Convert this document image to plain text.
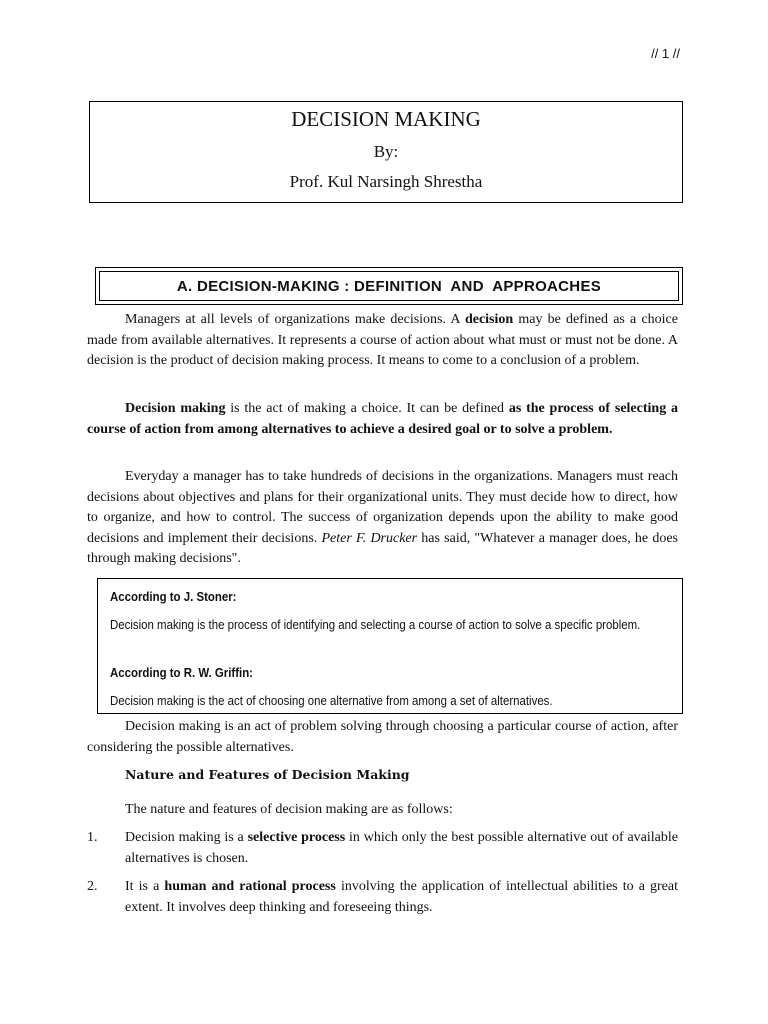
// 1 //
DECISION MAKING
By:
Prof. Kul Narsingh Shrestha
A. DECISION-MAKING : DEFINITION  AND  APPROACHES
Managers at all levels of organizations make decisions. A decision may be defined as a choice made from available alternatives. It represents a course of action about what must or must not be done. A decision is the product of decision making process. It means to come to a conclusion of a problem.
Decision making is the act of making a choice. It can be defined as the process of selecting a course of action from among alternatives to achieve a desired goal or to solve a problem.
Everyday a manager has to take hundreds of decisions in the organizations. Managers must reach decisions about objectives and plans for their organizational units. They must decide how to direct, how to organize, and how to control. The success of organization depends upon the ability to make good decisions and implement their decisions. Peter F. Drucker has said, "Whatever a manager does, he does through making decisions".
According to J. Stoner:
Decision making is the process of identifying and selecting a course of action to solve a specific problem.
According to R. W. Griffin:
Decision making is the act of choosing one alternative from among a set of alternatives.
Decision making is an act of problem solving through choosing a particular course of action, after considering the possible alternatives.
Nature and Features of Decision Making
The nature and features of decision making are as follows:
1. Decision making is a selective process in which only the best possible alternative out of available alternatives is chosen.
2. It is a human and rational process involving the application of intellectual abilities to a great extent. It involves deep thinking and foreseeing things.
